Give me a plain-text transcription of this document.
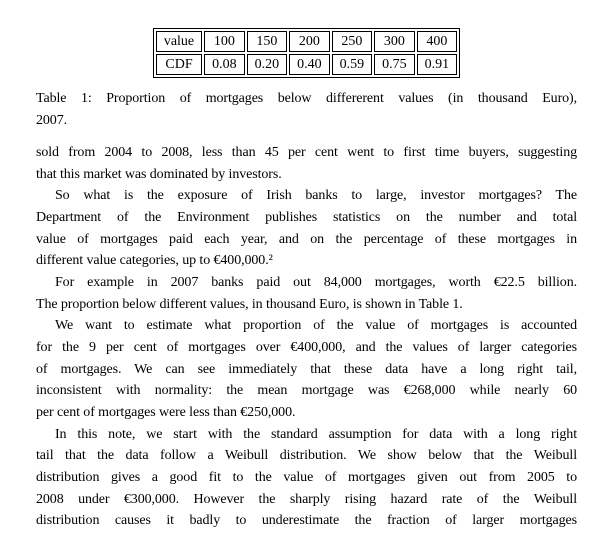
value	100	150	200	250	300	400
CDF	0.08	0.20	0.40	0.59	0.75	0.91
Table 1: Proportion of mortgages below differerent values (in thousand Euro),
2007.
sold from 2004 to 2008, less than 45 per cent went to first time buyers, suggesting
that this market was dominated by investors.
So what is the exposure of Irish banks to large, investor mortgages? The
Department of the Environment publishes statistics on the number and total
value of mortgages paid each year, and on the percentage of these mortgages in
different value categories, up to €400,000.²
For example in 2007 banks paid out 84,000 mortgages, worth €22.5 billion.
The proportion below different values, in thousand Euro, is shown in Table 1.
We want to estimate what proportion of the value of mortgages is accounted
for the 9 per cent of mortgages over €400,000, and the values of larger categories
of mortgages. We can see immediately that these data have a long right tail,
inconsistent with normality: the mean mortgage was €268,000 while nearly 60
per cent of mortgages were less than €250,000.
In this note, we start with the standard assumption for data with a long right
tail that the data follow a Weibull distribution. We show below that the Weibull
distribution gives a good fit to the value of mortgages given out from 2005 to
2008 under €300,000. However the sharply rising hazard rate of the Weibull
distribution causes it badly to underestimate the fraction of larger mortgages
